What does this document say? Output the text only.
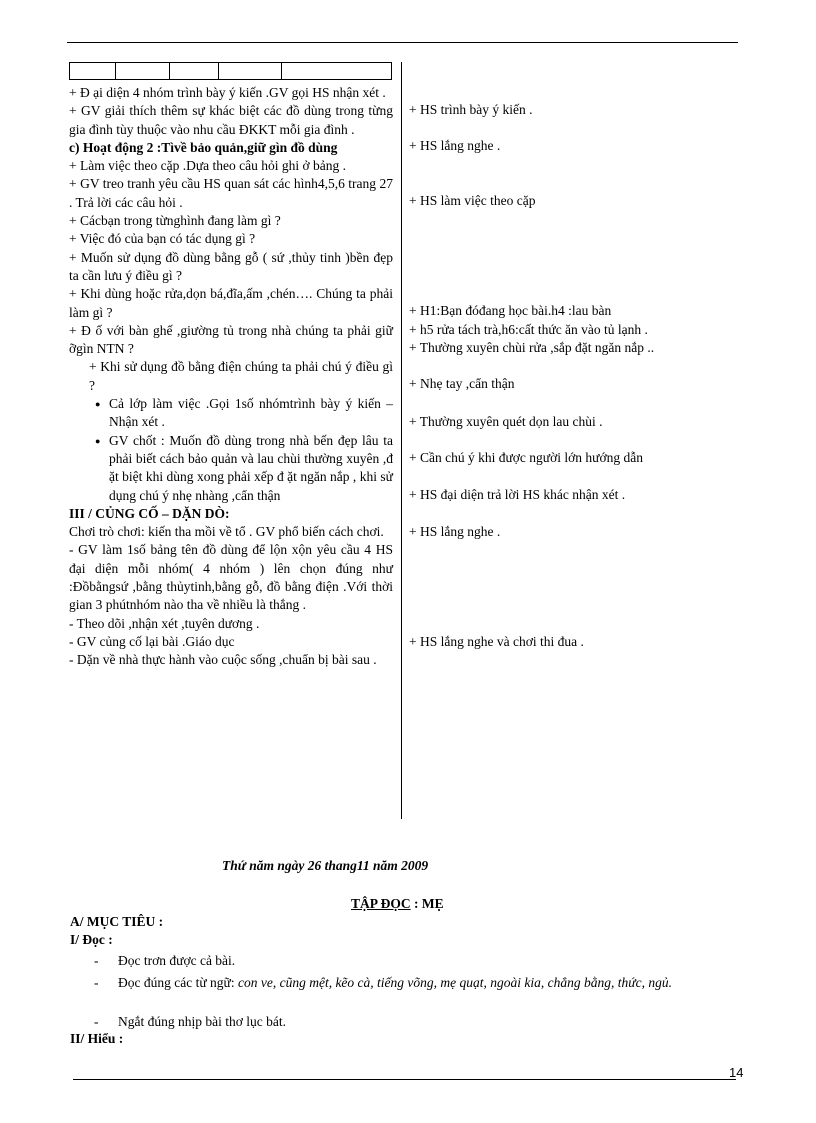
+ Đ ại diện 4 nhóm trình bày ý kiến .GV gọi HS nhận xét .

+ GV giải thích thêm sự khác biệt các đồ dùng trong từng gia đình tùy thuộc vào nhu cầu ĐKKT mỗi gia đình .

c) Hoạt động 2 :Tìvề bảo quản,giữ gìn đồ dùng

+ Làm việc theo cặp .Dựa theo câu hỏi ghi ở bảng .

+ GV treo tranh yêu cầu HS quan sát các hình4,5,6 trang 27 . Trả lời các câu hỏi .

+ Cácbạn trong từnghình đang làm gì ?

+ Việc đó của bạn có tác dụng gì ?

+ Muốn sử dụng đồ dùng bằng gỗ ( sứ ,thủy tinh )bền đẹp ta cần lưu ý điều gì ?

+ Khi dùng hoặc rửa,dọn bá,đĩa,ấm ,chén…. Chúng ta phải làm gì ?

+ Đ ố với bàn ghế ,giường tủ trong nhà chúng ta phải giữ ỡgìn NTN ?

+ Khi sử dụng đồ bằng điện chúng ta phải chú ý điều gì ?

● Cả lớp làm việc .Gọi 1số nhómtrình bày ý kiến – Nhận xét .
● GV chốt : Muốn đồ dùng trong nhà bến đẹp lâu ta phải biết cách bảo quản và lau chùi thường xuyên ,đ ặt biệt khi dùng xong phải xếp đ ặt ngăn nắp , khi sử dụng chú ý nhẹ nhàng ,cẩn thận

III / CỦNG CỐ – DẶN DÒ:

Chơi trò chơi: kiến tha mồi về tổ . GV phổ biến cách chơi.

- GV làm 1số bảng tên đồ dùng để lộn xộn yêu cầu 4 HS đại diện mỗi nhóm( 4 nhóm ) lên chọn đúng như :Đồbằngsứ ,bằng thủytinh,bằng gỗ, đồ bằng điện .Với thời gian 3 phútnhóm nào tha về nhiều là thắng .

- Theo dõi ,nhận xét ,tuyên dương .

- GV củng cố lại bài .Giáo dục

- Dặn về nhà thực hành vào cuộc sống ,chuẩn bị bài sau .

+ HS trình bày ý kiến .
+ HS lắng nghe .
+ HS làm việc theo cặp
+ H1:Bạn đóđang học bài.h4 :lau bàn
+ h5 rửa tách trà,h6:cất thức ăn vào tủ lạnh .
+ Thường xuyên chùi rửa ,sắp đặt ngăn nắp ..
+ Nhẹ tay ,cẩn thận
+ Thường xuyên quét dọn lau chùi .
+ Cần chú ý khi được người lớn hướng dẫn
+ HS đại diện trả lời HS khác nhận xét .
+ HS lắng nghe .
+ HS lắng nghe và chơi thi đua .
Thứ năm ngày 26 thang11 năm 2009
TẬP ĐỌC : MẸ
A/ MỤC TIÊU :
I/ Đọc :
- Đọc trơn được cả bài.
- Đọc đúng các từ ngữ: con ve, cũng mệt, kẽo cà, tiếng võng, mẹ quạt, ngoài kia, chẳng bằng, thức, ngủ.
- Ngắt đúng nhịp bài thơ lục bát.
II/ Hiểu :
14
